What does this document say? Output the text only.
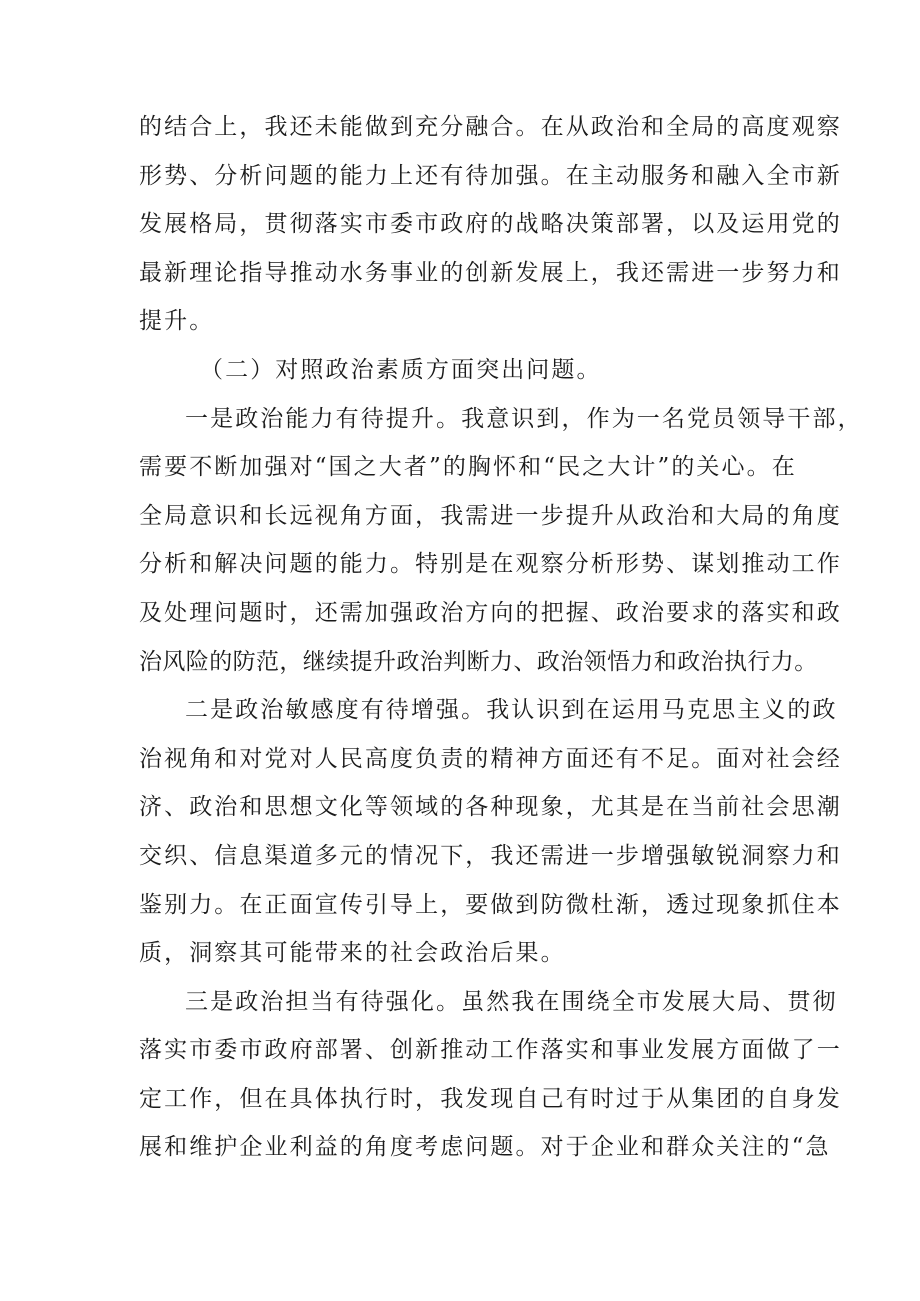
的结合上，我还未能做到充分融合。在从政治和全局的高度观察
形势、分析问题的能力上还有待加强。在主动服务和融入全市新
发展格局，贯彻落实市委市政府的战略决策部署，以及运用党的
最新理论指导推动水务事业的创新发展上，我还需进一步努力和
提升。
（二）对照政治素质方面突出问题。
一是政治能力有待提升。我意识到，作为一名党员领导干部，
需要不断加强对“国之大者”的胸怀和“民之大计”的关心。在
全局意识和长远视角方面，我需进一步提升从政治和大局的角度
分析和解决问题的能力。特别是在观察分析形势、谋划推动工作
及处理问题时，还需加强政治方向的把握、政治要求的落实和政
治风险的防范，继续提升政治判断力、政治领悟力和政治执行力。
二是政治敏感度有待增强。我认识到在运用马克思主义的政
治视角和对党对人民高度负责的精神方面还有不足。面对社会经
济、政治和思想文化等领域的各种现象，尤其是在当前社会思潮
交织、信息渠道多元的情况下，我还需进一步增强敏锐洞察力和
鉴别力。在正面宣传引导上，要做到防微杜渐，透过现象抓住本
质，洞察其可能带来的社会政治后果。
三是政治担当有待强化。虽然我在围绕全市发展大局、贯彻
落实市委市政府部署、创新推动工作落实和事业发展方面做了一
定工作，但在具体执行时，我发现自己有时过于从集团的自身发
展和维护企业利益的角度考虑问题。对于企业和群众关注的“急
